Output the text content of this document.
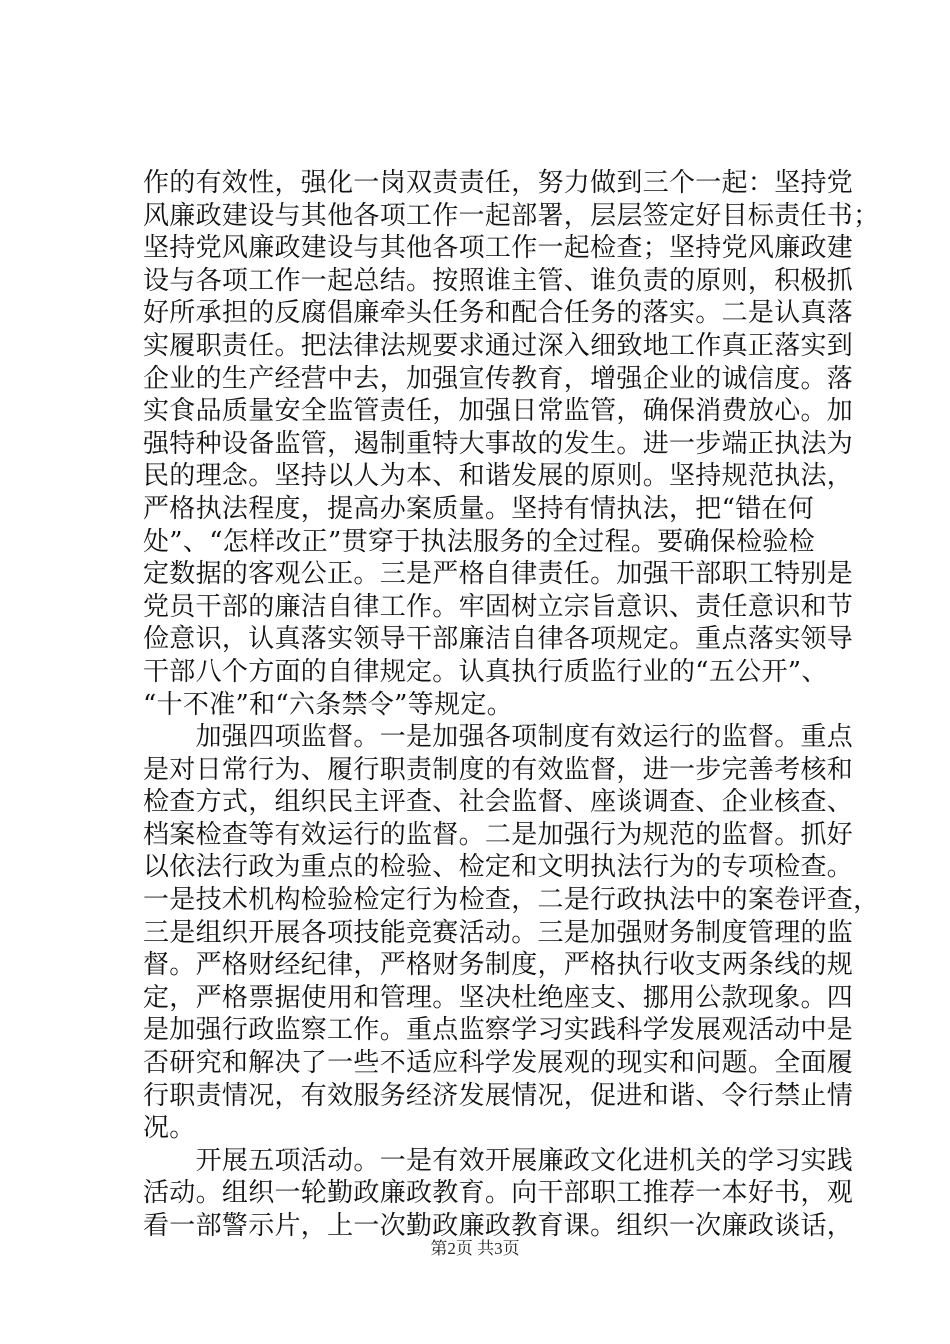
作的有效性，强化一岗双责责任，努力做到三个一起：坚持党
风廉政建设与其他各项工作一起部署，层层签定好目标责任书；
坚持党风廉政建设与其他各项工作一起检查；坚持党风廉政建
设与各项工作一起总结。按照谁主管、谁负责的原则，积极抓
好所承担的反腐倡廉牵头任务和配合任务的落实。二是认真落
实履职责任。把法律法规要求通过深入细致地工作真正落实到
企业的生产经营中去，加强宣传教育，增强企业的诚信度。落
实食品质量安全监管责任，加强日常监管，确保消费放心。加
强特种设备监管，遏制重特大事故的发生。进一步端正执法为
民的理念。坚持以人为本、和谐发展的原则。坚持规范执法，
严格执法程度，提高办案质量。坚持有情执法，把“错在何
处”、“怎样改正”贯穿于执法服务的全过程。要确保检验检
定数据的客观公正。三是严格自律责任。加强干部职工特别是
党员干部的廉洁自律工作。牢固树立宗旨意识、责任意识和节
俭意识，认真落实领导干部廉洁自律各项规定。重点落实领导
干部八个方面的自律规定。认真执行质监行业的“五公开”、
“十不准”和“六条禁令”等规定。
　　加强四项监督。一是加强各项制度有效运行的监督。重点
是对日常行为、履行职责制度的有效监督，进一步完善考核和
检查方式，组织民主评查、社会监督、座谈调查、企业核查、
档案检查等有效运行的监督。二是加强行为规范的监督。抓好
以依法行政为重点的检验、检定和文明执法行为的专项检查。
一是技术机构检验检定行为检查，二是行政执法中的案卷评查，
三是组织开展各项技能竞赛活动。三是加强财务制度管理的监
督。严格财经纪律，严格财务制度，严格执行收支两条线的规
定，严格票据使用和管理。坚决杜绝座支、挪用公款现象。四
是加强行政监察工作。重点监察学习实践科学发展观活动中是
否研究和解决了一些不适应科学发展观的现实和问题。全面履
行职责情况，有效服务经济发展情况，促进和谐、令行禁止情
况。
　　开展五项活动。一是有效开展廉政文化进机关的学习实践
活动。组织一轮勤政廉政教育。向干部职工推荐一本好书，观
看一部警示片，上一次勤政廉政教育课。组织一次廉政谈话，
第2页 共3页
